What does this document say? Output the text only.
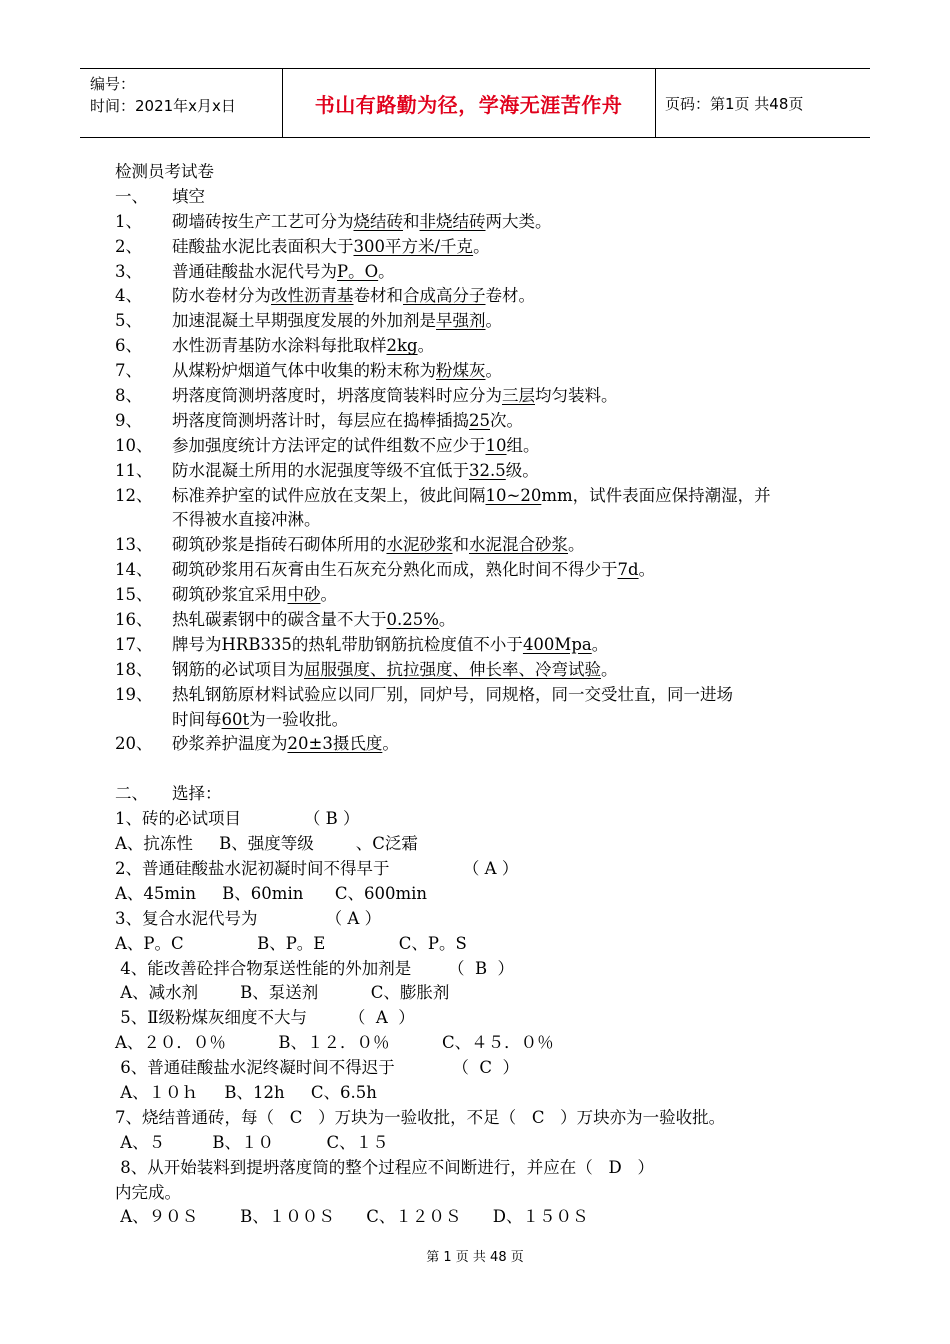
编号：
时间：2021年x月x日	书山有路勤为径，学海无涯苦作舟	页码：第1页 共48页
检测员考试卷
一、 填空
1、 砌墙砖按生产工艺可分为烧结砖和非烧结砖两大类。
2、 硅酸盐水泥比表面积大于300平方米/千克。
3、 普通硅酸盐水泥代号为P。O。
4、 防水卷材分为改性沥青基卷材和合成高分子卷材。
5、 加速混凝土早期强度发展的外加剂是早强剂。
6、 水性沥青基防水涂料每批取样2kg。
7、 从煤粉炉烟道气体中收集的粉末称为粉煤灰。
8、 坍落度筒测坍落度时，坍落度筒装料时应分为三层均匀装料。
9、 坍落度筒测坍落计时，每层应在捣棒插捣25次。
10、 参加强度统计方法评定的试件组数不应少于10组。
11、 防水混凝土所用的水泥强度等级不宜低于32.5级。
12、 标准养护室的试件应放在支架上，彼此间隔10~20mm，试件表面应保持潮湿，并
不得被水直接冲淋。
13、 砌筑砂浆是指砖石砌体所用的水泥砂浆和水泥混合砂浆。
14、 砌筑砂浆用石灰膏由生石灰充分熟化而成，熟化时间不得少于7d。
15、 砌筑砂浆宜采用中砂。
16、 热轧碳素钢中的碳含量不大于0.25%。
17、 牌号为HRB335的热轧带肋钢筋抗检度值不小于400Mpa。
18、 钢筋的必试项目为屈服强度、抗拉强度、伸长率、冷弯试验。
19、 热轧钢筋原材料试验应以同厂别，同炉号，同规格，同一交受壮直，同一进场
时间每60t为一验收批。
20、 砂浆养护温度为20±3摄氏度。
二、 选择：
1、砖的必试项目            （ B ）
A、抗冻性     B、强度等级        、C泛霜
2、普通硅酸盐水泥初凝时间不得早于              （ A ）
A、45min     B、60min      C、600min
3、复合水泥代号为             （ A ）
A、P。C              B、P。E              C、P。S
4、能改善砼拌合物泵送性能的外加剂是       （  B  ）
A、减水剂        B、泵送剂          C、膨胀剂
5、Ⅱ级粉煤灰细度不大与        （  A  ）
A、２０．０％          B、１２．０％          C、４５．０％
6、普通硅酸盐水泥终凝时间不得迟于           （  C  ）
A、１０ｈ     B、12h     C、6.5h
7、烧结普通砖，每（   C   ）万块为一验收批，不足（   C   ）万块亦为一验收批。
A、５         B、１０          C、１５
8、从开始装料到提坍落度筒的整个过程应不间断进行，并应在（   D   ）
内完成。
A、９０Ｓ        B、１００Ｓ      C、１２０Ｓ      D、１５０Ｓ
第 1 页 共 48 页
